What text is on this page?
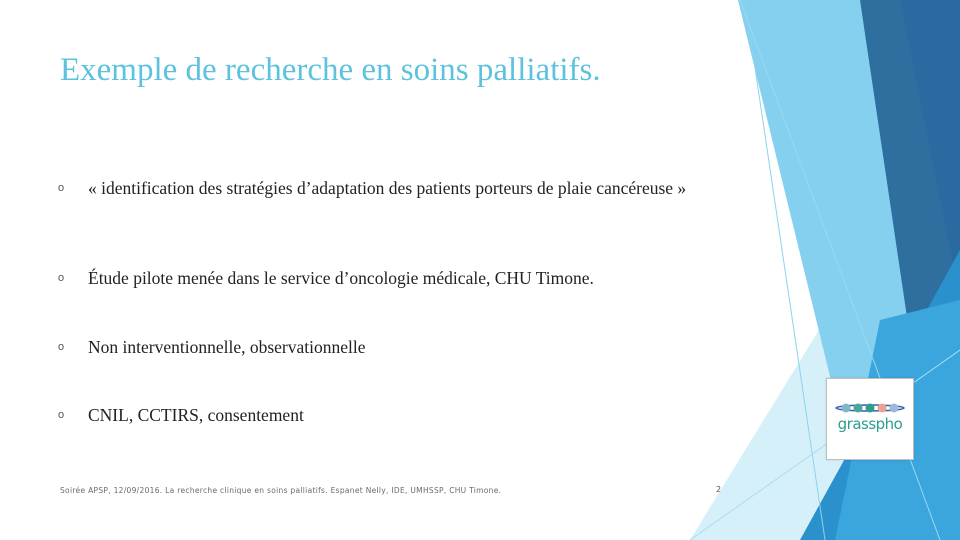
Exemple de recherche en soins palliatifs.
o « identification des stratégies d’adaptation des patients porteurs de plaie cancéreuse »
o Étude pilote menée dans le service d’oncologie médicale, CHU Timone.
o Non interventionnelle, observationnelle
o CNIL, CCTIRS, consentement
Soirée APSP, 12/09/2016. La recherche clinique en soins palliatifs. Espanet Nelly, IDE, UMHSSP, CHU Timone.	2
grasspho
